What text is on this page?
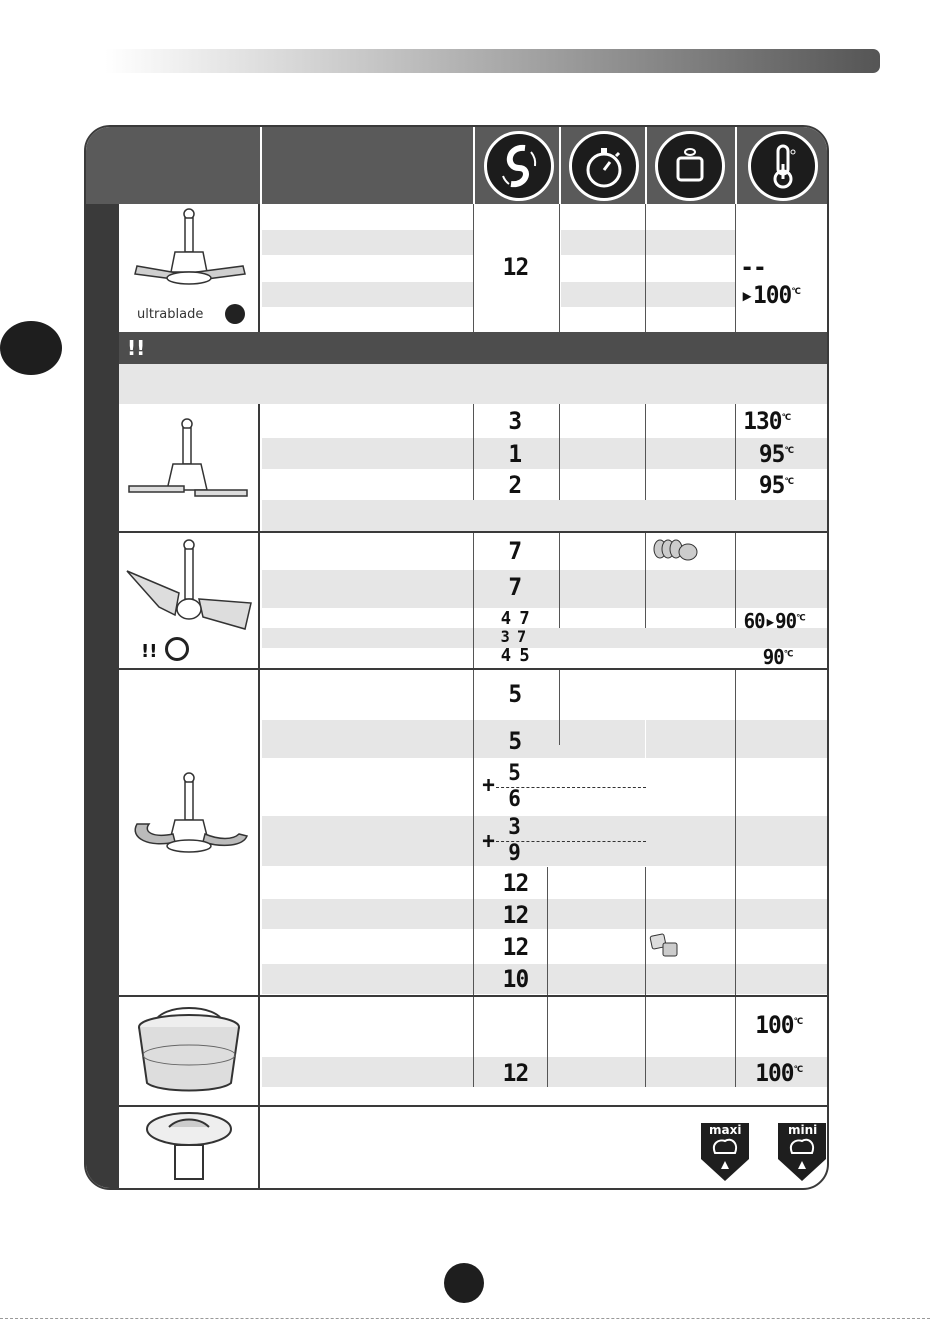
ultrablade
12	$--▸100^{^\circ C}$
!!
3
1
2
$130^{^\circ C}$
$95^{^\circ C}$
$95^{^\circ C}$
!!
7
7
4 7
3 7
4 5
$60▸90^{^\circ C}$
$90^{^\circ C}$
5
5
+ 5
6
+
3
9
12
12
12
10
12
$100^{^\circ C}$
$100^{^\circ C}$
maxi	mini
